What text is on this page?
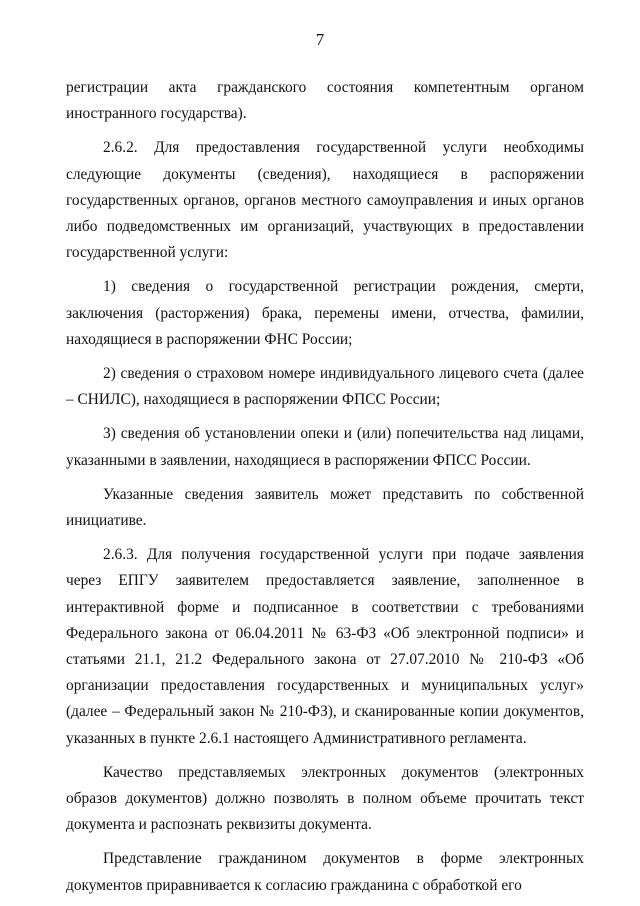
7

регистрации акта гражданского состояния компетентным органом иностранного государства).

2.6.2. Для предоставления государственной услуги необходимы следующие документы (сведения), находящиеся в распоряжении государственных органов, органов местного самоуправления и иных органов либо подведомственных им организаций, участвующих в предоставлении государственной услуги:

1) сведения о государственной регистрации рождения, смерти, заключения (расторжения) брака, перемены имени, отчества, фамилии, находящиеся в распоряжении ФНС России;

2) сведения о страховом номере индивидуального лицевого счета (далее – СНИЛС), находящиеся в распоряжении ФПСС России;

3) сведения об установлении опеки и (или) попечительства над лицами, указанными в заявлении, находящиеся в распоряжении ФПСС России.

Указанные сведения заявитель может представить по собственной инициативе.

2.6.3. Для получения государственной услуги при подаче заявления через ЕПГУ заявителем предоставляется заявление, заполненное в интерактивной форме и подписанное в соответствии с требованиями Федерального закона от 06.04.2011 № 63-ФЗ «Об электронной подписи» и статьями 21.1, 21.2 Федерального закона от 27.07.2010 № 210-ФЗ «Об организации предоставления государственных и муниципальных услуг» (далее – Федеральный закон № 210-ФЗ), и сканированные копии документов, указанных в пункте 2.6.1 настоящего Административного регламента.

Качество представляемых электронных документов (электронных образов документов) должно позволять в полном объеме прочитать текст документа и распознать реквизиты документа.

Представление гражданином документов в форме электронных документов приравнивается к согласию гражданина с обработкой его
